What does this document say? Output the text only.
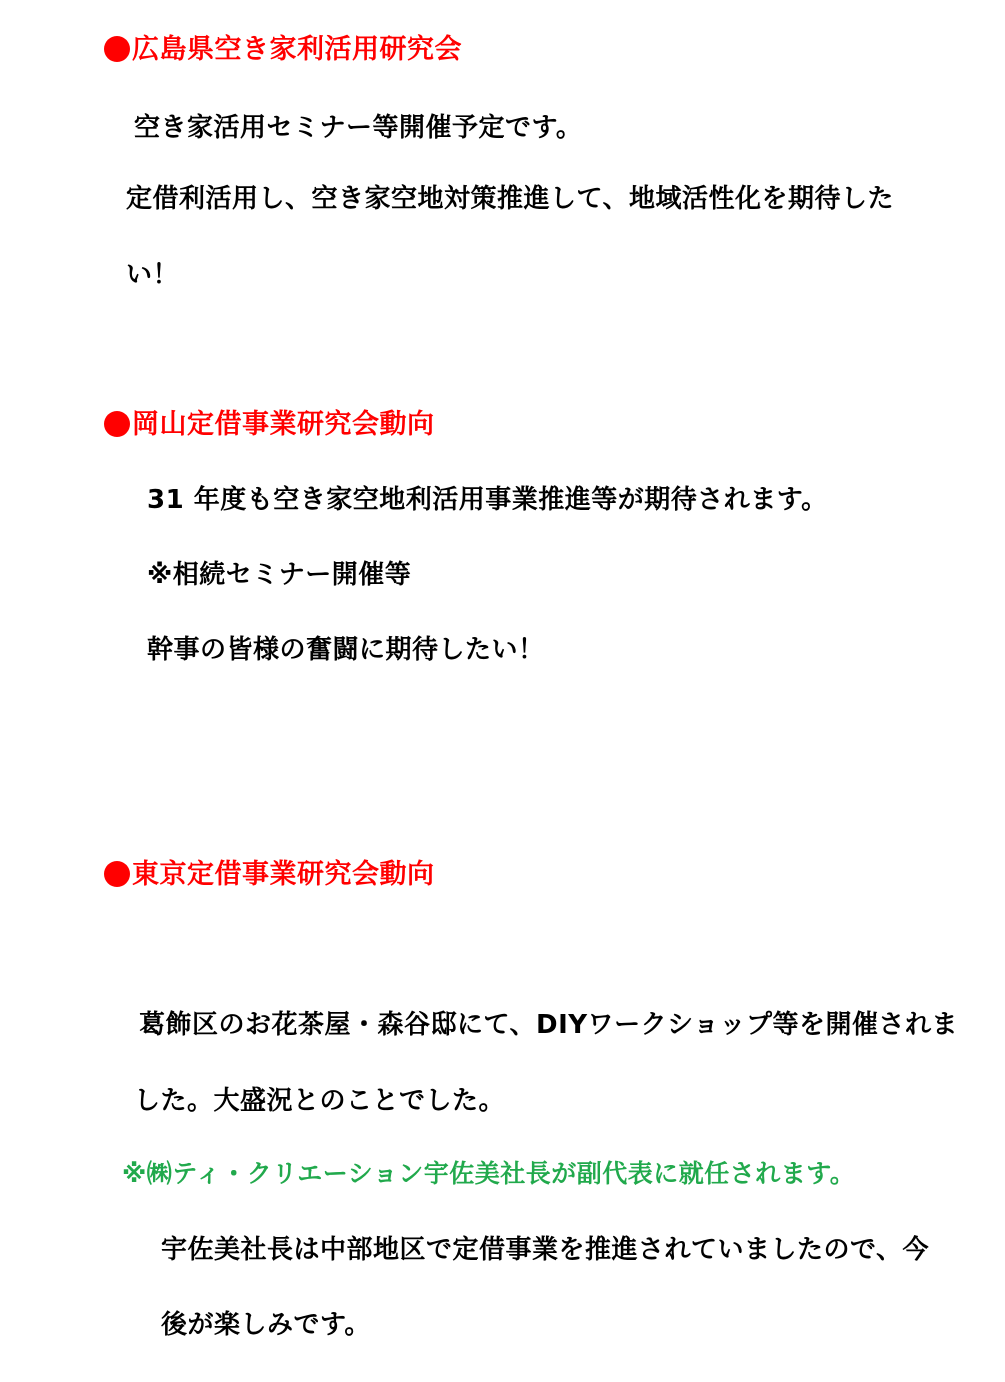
広島県空き家利活用研究会
空き家活用セミナー等開催予定です。
定借利活用し、空き家空地対策推進して、地域活性化を期待した
い！
岡山定借事業研究会動向
31 年度も空き家空地利活用事業推進等が期待されます。
※相続セミナー開催等
幹事の皆様の奮闘に期待したい！
東京定借事業研究会動向
葛飾区のお花茶屋・森谷邸にて、DIYワークショップ等を開催されま
した。大盛況とのことでした。
※㈱ティ・クリエーション宇佐美社長が副代表に就任されます。
宇佐美社長は中部地区で定借事業を推進されていましたので、今
後が楽しみです。
